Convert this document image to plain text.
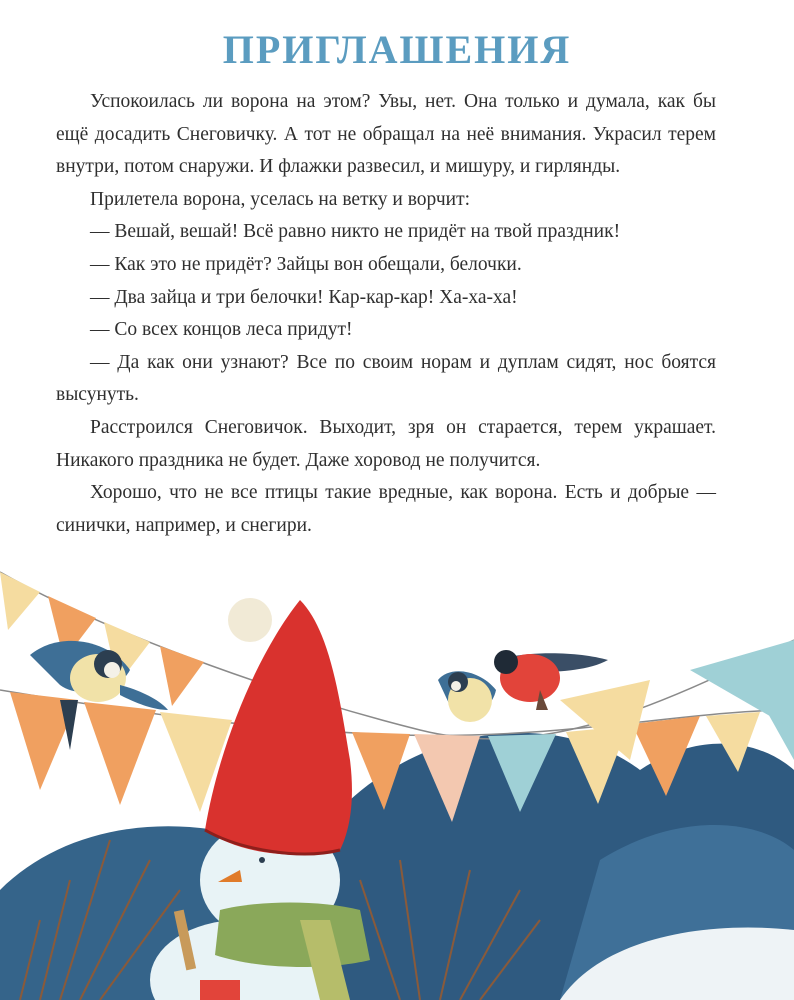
ПРИГЛАШЕНИЯ

Успокоилась ли ворона на этом? Увы, нет. Она только и думала, как бы ещё досадить Снеговичку. А тот не обращал на неё внимания. Украсил терем внутри, потом снаружи. И флажки развесил, и мишуру, и гирлянды.

Прилетела ворона, уселась на ветку и ворчит:

— Вешай, вешай! Всё равно никто не придёт на твой праздник!

— Как это не придёт? Зайцы вон обещали, белочки.

— Два зайца и три белочки! Кар-кар-кар! Ха-ха-ха!

— Со всех концов леса придут!

— Да как они узнают? Все по своим норам и дуплам сидят, нос боятся высунуть.

Расстроился Снеговичок. Выходит, зря он старается, терем украшает. Никакого праздника не будет. Даже хоровод не получится.

Хорошо, что не все птицы такие вредные, как ворона. Есть и добрые — синички, например, и снегири.
